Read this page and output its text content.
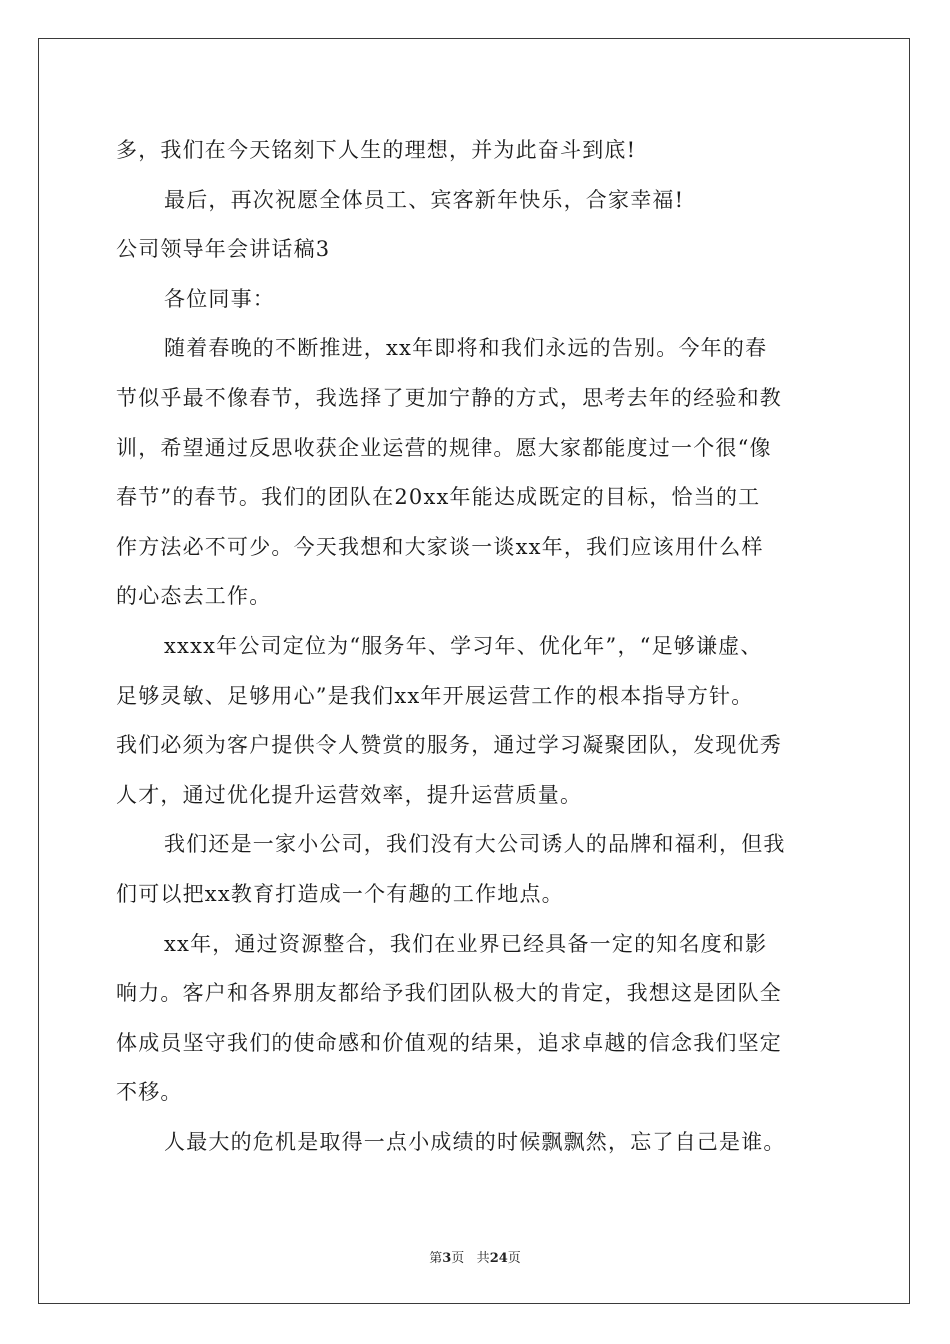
多，我们在今天铭刻下人生的理想，并为此奋斗到底!
最后，再次祝愿全体员工、宾客新年快乐，合家幸福!
公司领导年会讲话稿3
各位同事：
随着春晚的不断推进，xx年即将和我们永远的告别。今年的春
节似乎最不像春节，我选择了更加宁静的方式，思考去年的经验和教
训，希望通过反思收获企业运营的规律。愿大家都能度过一个很“像
春节”的春节。我们的团队在20xx年能达成既定的目标，恰当的工
作方法必不可少。今天我想和大家谈一谈xx年，我们应该用什么样
的心态去工作。
xxxx年公司定位为“服务年、学习年、优化年”，“足够谦虚、
足够灵敏、足够用心”是我们xx年开展运营工作的根本指导方针。
我们必须为客户提供令人赞赏的服务，通过学习凝聚团队，发现优秀
人才，通过优化提升运营效率，提升运营质量。
我们还是一家小公司，我们没有大公司诱人的品牌和福利，但我
们可以把xx教育打造成一个有趣的工作地点。
xx年，通过资源整合，我们在业界已经具备一定的知名度和影
响力。客户和各界朋友都给予我们团队极大的肯定，我想这是团队全
体成员坚守我们的使命感和价值观的结果，追求卓越的信念我们坚定
不移。
人最大的危机是取得一点小成绩的时候飘飘然，忘了自己是谁。
第3页 共24页
